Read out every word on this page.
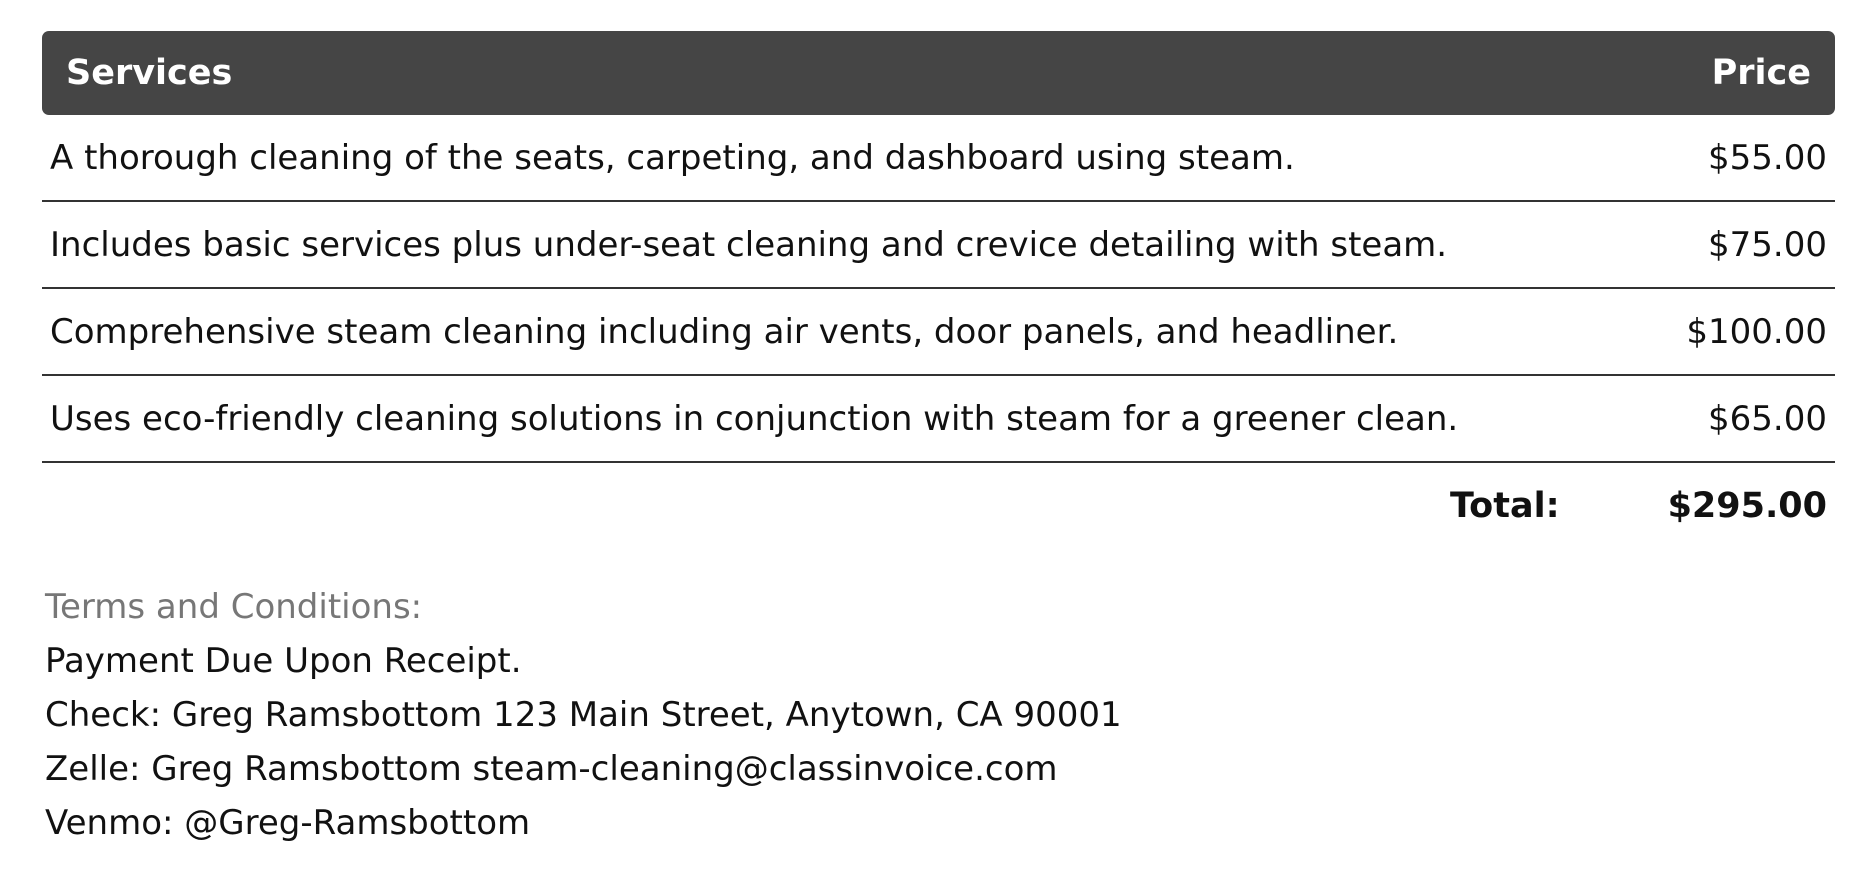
Services	Price
A thorough cleaning of the seats, carpeting, and dashboard using steam.	$55.00
Includes basic services plus under-seat cleaning and crevice detailing with steam.	$75.00
Comprehensive steam cleaning including air vents, door panels, and headliner.	$100.00
Uses eco-friendly cleaning solutions in conjunction with steam for a greener clean.	$65.00
Total:	$295.00
Terms and Conditions:
Payment Due Upon Receipt.
Check: Greg Ramsbottom 123 Main Street, Anytown, CA 90001
Zelle: Greg Ramsbottom steam-cleaning@classinvoice.com
Venmo: @Greg-Ramsbottom
